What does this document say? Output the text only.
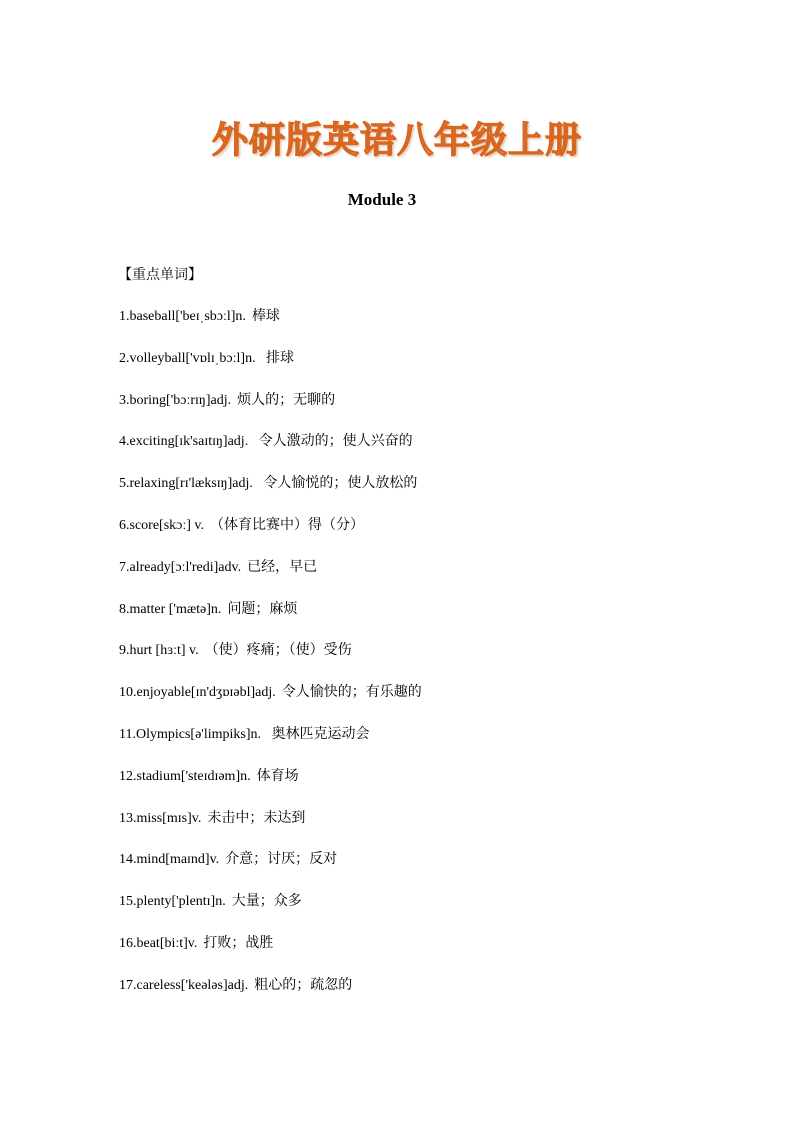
外研版英语八年级上册
Module 3
【重点单词】
1.baseball['beɪˌsbɔːl]n. 棒球
2.volleyball['vɒlɪˌbɔːl]n. 排球
3.boring['bɔːrɪŋ]adj. 烦人的；无聊的
4.exciting[ɪk'saɪtɪŋ]adj. 令人激动的；使人兴奋的
5.relaxing[rɪ'læksɪŋ]adj. 令人愉悦的；使人放松的
6.score[skɔː] v. （体育比赛中）得（分）
7.already[ɔːl'redi]adv. 已经，早已
8.matter ['mætə]n. 问题；麻烦
9.hurt [hɜːt] v. （使）疼痛；（使）受伤
10.enjoyable[ɪn'dʒɒɪəbl]adj. 令人愉快的；有乐趣的
11.Olympics[ə'limpiks]n. 奥林匹克运动会
12.stadium['steɪdɪəm]n. 体育场
13.miss[mɪs]v. 未击中；未达到
14.mind[maɪnd]v. 介意；讨厌；反对
15.plenty['plentɪ]n. 大量；众多
16.beat[biːt]v. 打败；战胜
17.careless['keələs]adj. 粗心的；疏忽的
